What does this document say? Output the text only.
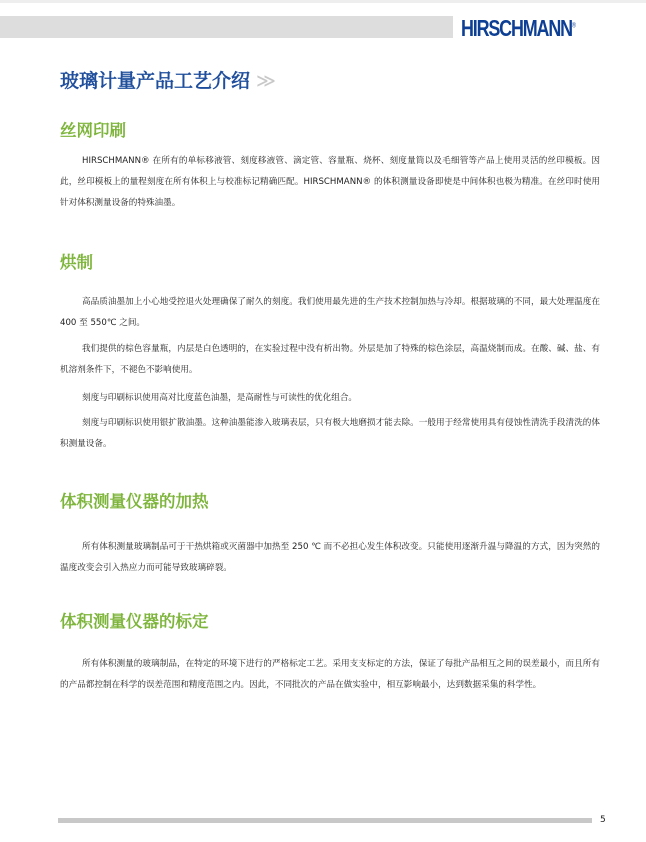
HIRSCHMANN®
玻璃计量产品工艺介绍 ≫
丝网印刷

HIRSCHMANN® 在所有的单标移液管、刻度移液管、滴定管、容量瓶、烧杯、刻度量筒以及毛细管等产品上使用灵活的丝印模板。因此，丝印模板上的量程刻度在所有体积上与校准标记精确匹配。HIRSCHMANN® 的体积测量设备即使是中间体积也极为精准。在丝印时使用针对体积测量设备的特殊油墨。

烘制

高品质油墨加上小心地受控退火处理确保了耐久的刻度。我们使用最先进的生产技术控制加热与冷却。根据玻璃的不同，最大处理温度在 400 至 550℃ 之间。

我们提供的棕色容量瓶，内层是白色透明的，在实验过程中没有析出物。外层是加了特殊的棕色涂层，高温烧制而成。在酸、碱、盐、有机溶剂条件下，不褪色不影响使用。

刻度与印刷标识使用高对比度蓝色油墨，是高耐性与可读性的优化组合。

刻度与印刷标识使用银扩散油墨。这种油墨能渗入玻璃表层，只有极大地磨损才能去除。一般用于经常使用具有侵蚀性清洗手段清洗的体积测量设备。

体积测量仪器的加热

所有体积测量玻璃制品可于干热烘箱或灭菌器中加热至 250 ℃ 而不必担心发生体积改变。只能使用逐渐升温与降温的方式，因为突然的温度改变会引入热应力而可能导致玻璃碎裂。

体积测量仪器的标定

所有体积测量的玻璃制品，在特定的环境下进行的严格标定工艺。采用支支标定的方法，保证了每批产品相互之间的误差最小，而且所有的产品都控制在科学的误差范围和精度范围之内。因此，不同批次的产品在做实验中，相互影响最小，达到数据采集的科学性。

5
